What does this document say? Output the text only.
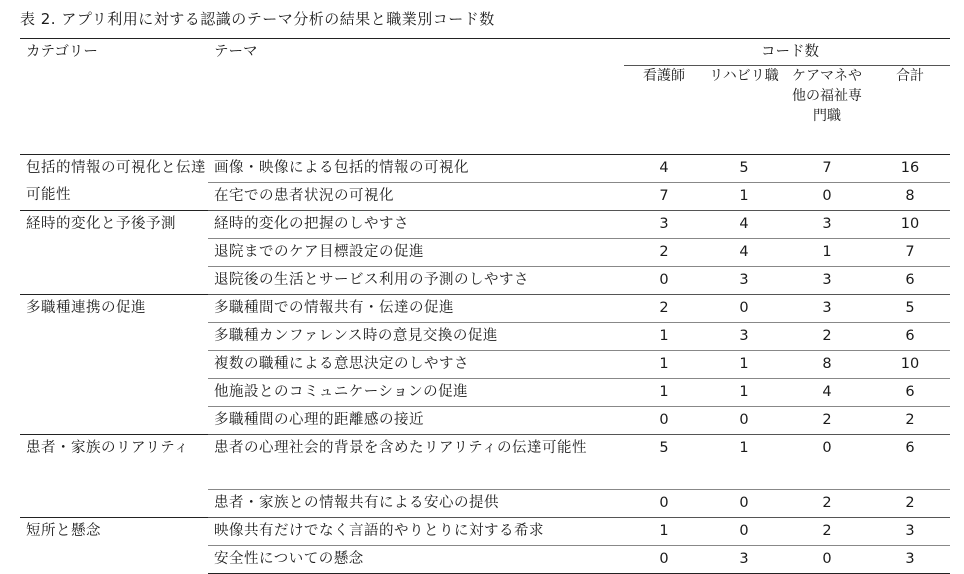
表 2. アプリ利用に対する認識のテーマ分析の結果と職業別コード数
カテゴリー	テーマ	コード数			
		看護師	リハビリ職	ケアマネや他の福祉専門職	合計
包括的情報の可視化と伝達可能性	画像・映像による包括的情報の可視化	4	5	7	16
	在宅での患者状況の可視化	7	1	0	8
経時的変化と予後予測	経時的変化の把握のしやすさ	3	4	3	10
	退院までのケア目標設定の促進	2	4	1	7
	退院後の生活とサービス利用の予測のしやすさ	0	3	3	6
多職種連携の促進	多職種間での情報共有・伝達の促進	2	0	3	5
	多職種カンファレンス時の意見交換の促進	1	3	2	6
	複数の職種による意思決定のしやすさ	1	1	8	10
	他施設とのコミュニケーションの促進	1	1	4	6
	多職種間の心理的距離感の接近	0	0	2	2
患者・家族のリアリティ	患者の心理社会的背景を含めたリアリティの伝達可能性	5	1	0	6
	患者・家族との情報共有による安心の提供	0	0	2	2
短所と懸念	映像共有だけでなく言語的やりとりに対する希求	1	0	2	3
	安全性についての懸念	0	3	0	3
